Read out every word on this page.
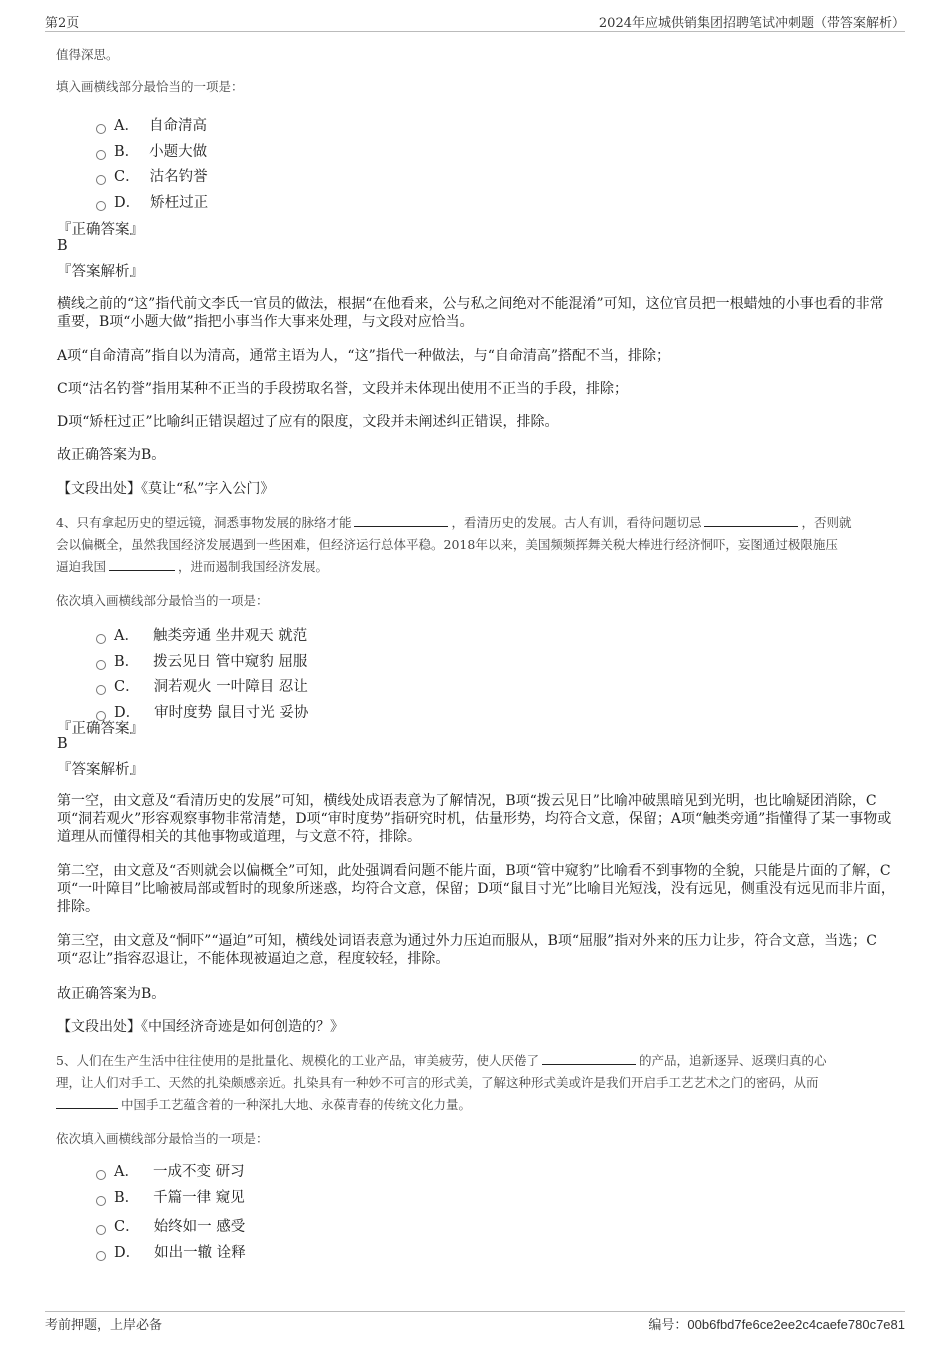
第2页	2024年应城供销集团招聘笔试冲刺题（带答案解析）
值得深思。
填入画横线部分最恰当的一项是：
A． 自命清高
B． 小题大做
C． 沽名钓誉
D． 矫枉过正
『正确答案』
B
『答案解析』
横线之前的“这”指代前文李氏一官员的做法，根据“在他看来，公与私之间绝对不能混淆”可知，这位官员把一根蜡烛的小事也看的非常重要，B项“小题大做”指把小事当作大事来处理，与文段对应恰当。
A项“自命清高”指自以为清高，通常主语为人，“这”指代一种做法，与“自命清高”搭配不当，排除；
C项“沽名钓誉”指用某种不正当的手段捞取名誉，文段并未体现出使用不正当的手段，排除；
D项“矫枉过正”比喻纠正错误超过了应有的限度，文段并未阐述纠正错误，排除。
故正确答案为B。
【文段出处】《莫让“私”字入公门》
4、只有拿起历史的望远镜，洞悉事物发展的脉络才能	，看清历史的发展。古人有训，看待问题切忌	，否则就
会以偏概全，虽然我国经济发展遇到一些困难，但经济运行总体平稳。2018年以来，美国频频挥舞关税大棒进行经济恫吓，妄图通过极限施压
逼迫我国	，进而遏制我国经济发展。
依次填入画横线部分最恰当的一项是：
A． 触类旁通 坐井观天 就范
B． 拨云见日 管中窥豹 屈服
C． 洞若观火 一叶障目 忍让
D． 审时度势 鼠目寸光 妥协
『正确答案』
B
『答案解析』
第一空，由文意及“看清历史的发展”可知，横线处成语表意为了解情况，B项“拨云见日”比喻冲破黑暗见到光明，也比喻疑团消除，C项“洞若观火”形容观察事物非常清楚，D项“审时度势”指研究时机，估量形势，均符合文意，保留；A项“触类旁通”指懂得了某一事物或道理从而懂得相关的其他事物或道理，与文意不符，排除。
第二空，由文意及“否则就会以偏概全”可知，此处强调看问题不能片面，B项“管中窥豹”比喻看不到事物的全貌，只能是片面的了解，C项“一叶障目”比喻被局部或暂时的现象所迷惑，均符合文意，保留；D项“鼠目寸光”比喻目光短浅，没有远见，侧重没有远见而非片面，排除。
第三空，由文意及“恫吓”“逼迫”可知，横线处词语表意为通过外力压迫而服从，B项“屈服”指对外来的压力让步，符合文意，当选；C项“忍让”指容忍退让，不能体现被逼迫之意，程度较轻，排除。
故正确答案为B。
【文段出处】《中国经济奇迹是如何创造的？》
5、人们在生产生活中往往使用的是批量化、规模化的工业产品，审美疲劳，使人厌倦了	的产品，追新逐异、返璞归真的心
理，让人们对手工、天然的扎染颇感亲近。扎染具有一种妙不可言的形式美，了解这种形式美或许是我们开启手工艺艺术之门的密码，从而
中国手工艺蕴含着的一种深扎大地、永葆青春的传统文化力量。
依次填入画横线部分最恰当的一项是：
A． 一成不变 研习
B． 千篇一律 窥见
C． 始终如一 感受
D． 如出一辙 诠释
考前押题，上岸必备	编号：00b6fbd7fe6ce2ee2c4caefe780c7e81
